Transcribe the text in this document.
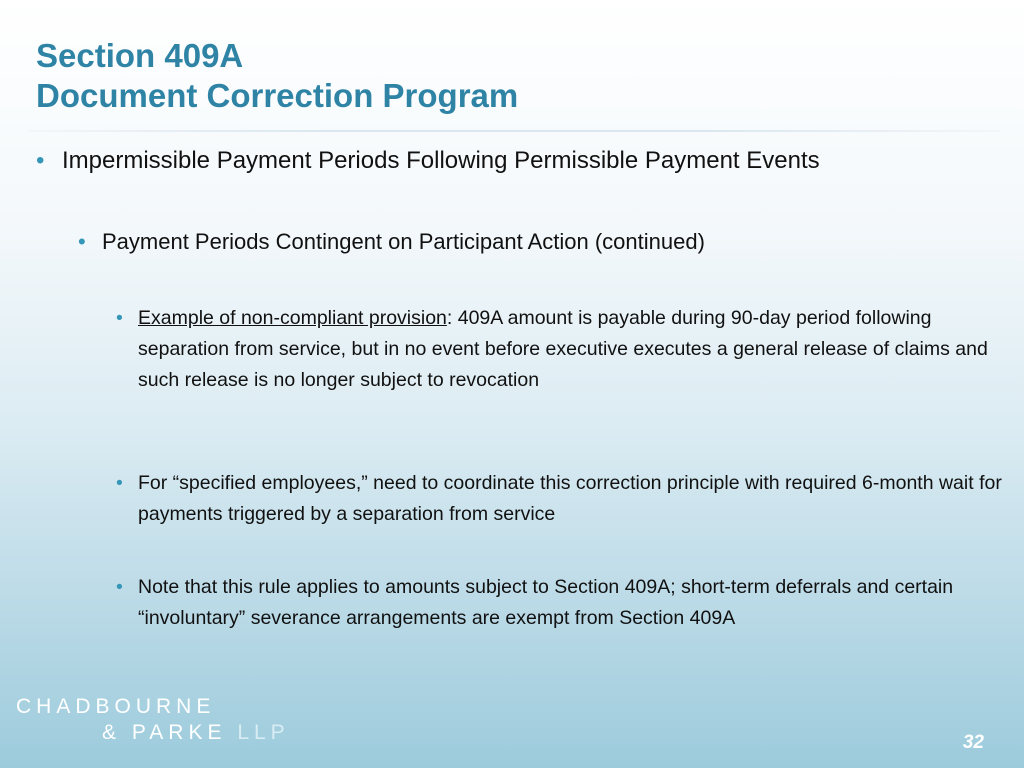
Section 409A
Document Correction Program
• Impermissible Payment Periods Following Permissible Payment Events
• Payment Periods Contingent on Participant Action (continued)
• Example of non-compliant provision: 409A amount is payable during 90-day period following separation from service, but in no event before executive executes a general release of claims and such release is no longer subject to revocation
• For “specified employees,” need to coordinate this correction principle with required 6-month wait for payments triggered by a separation from service
• Note that this rule applies to amounts subject to Section 409A; short-term deferrals and certain “involuntary” severance arrangements are exempt from Section 409A
CHADBOURNE
& PARKE LLP	32
